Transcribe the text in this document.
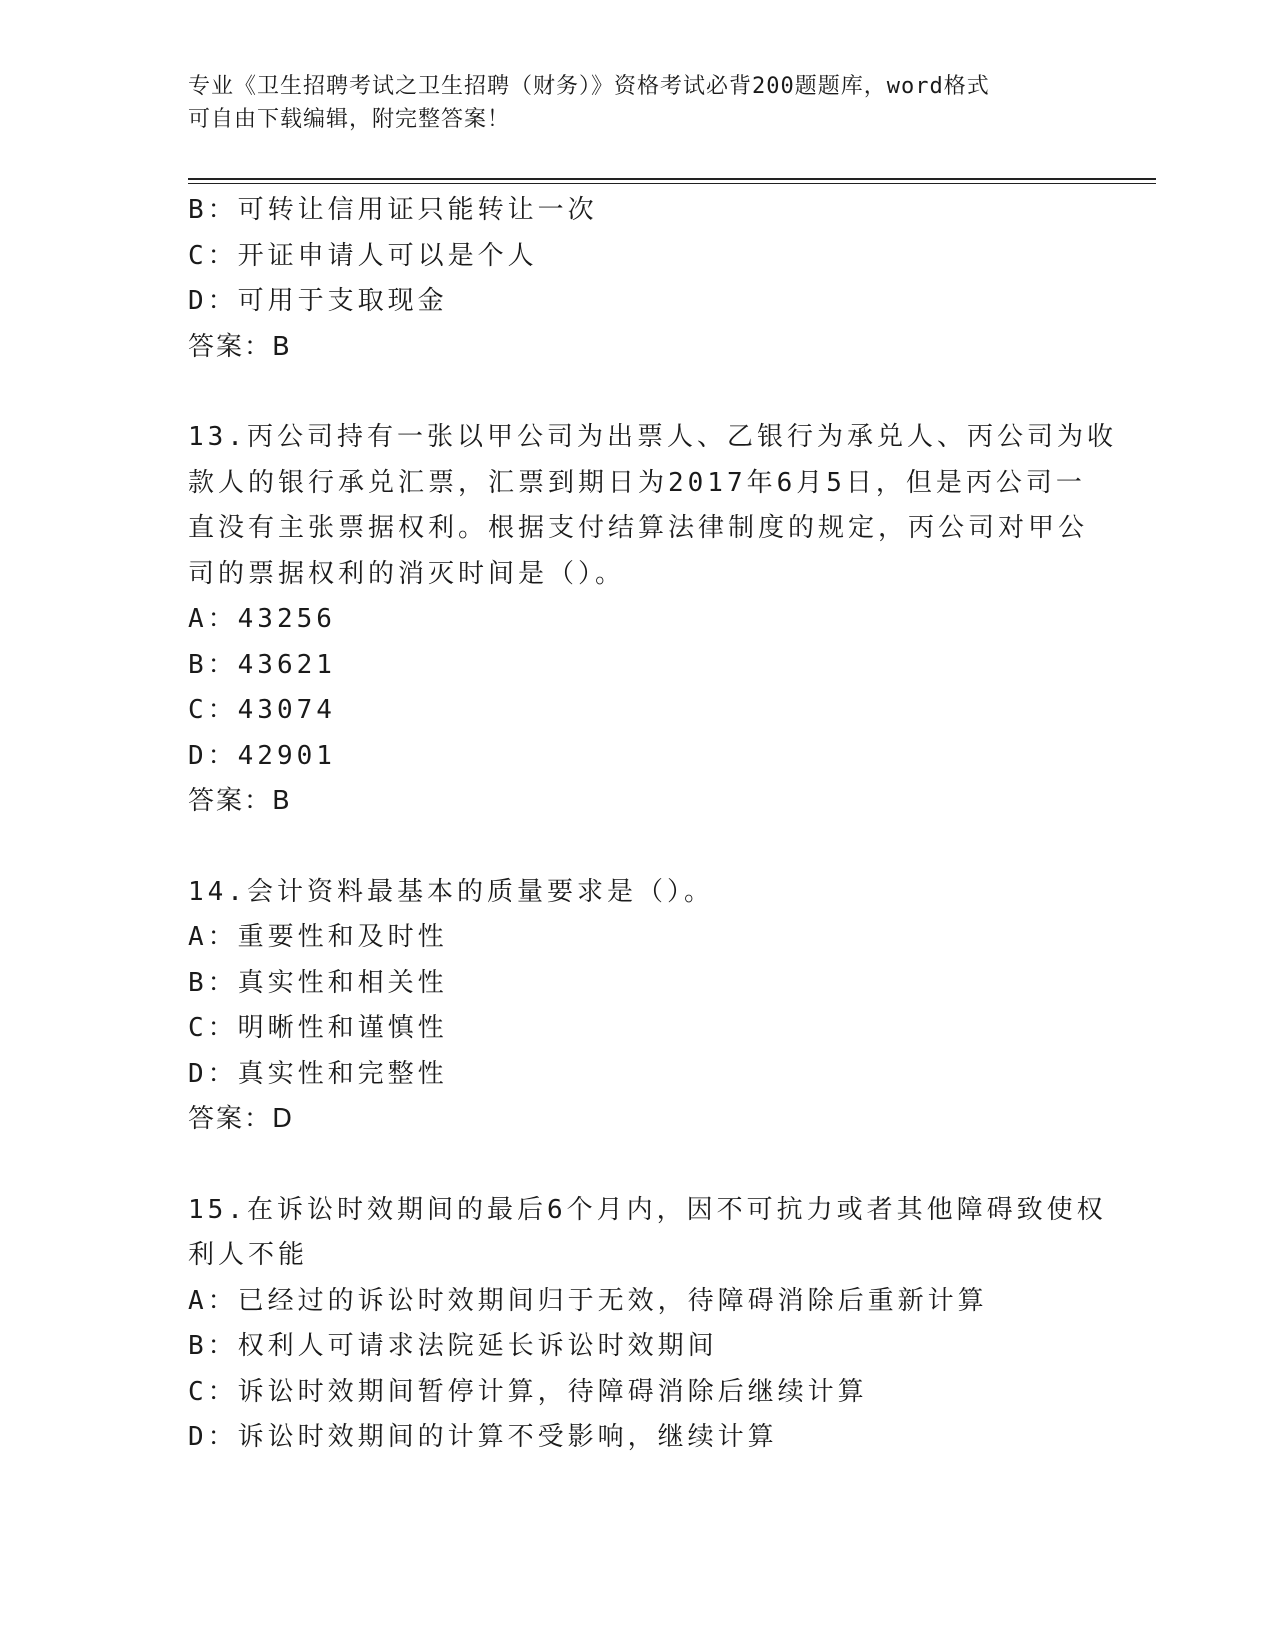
专业《卫生招聘考试之卫生招聘（财务）》资格考试必背200题题库，word格式
可自由下载编辑，附完整答案！
B：可转让信用证只能转让一次
C：开证申请人可以是个人
D：可用于支取现金
答案：B
13.丙公司持有一张以甲公司为出票人、乙银行为承兑人、丙公司为收
款人的银行承兑汇票，汇票到期日为2017年6月5日，但是丙公司一
直没有主张票据权利。根据支付结算法律制度的规定，丙公司对甲公
司的票据权利的消灭时间是（）。
A：43256
B：43621
C：43074
D：42901
答案：B
14.会计资料最基本的质量要求是（）。
A：重要性和及时性
B：真实性和相关性
C：明晰性和谨慎性
D：真实性和完整性
答案：D
15.在诉讼时效期间的最后6个月内，因不可抗力或者其他障碍致使权
利人不能
A：已经过的诉讼时效期间归于无效，待障碍消除后重新计算
B：权利人可请求法院延长诉讼时效期间
C：诉讼时效期间暂停计算，待障碍消除后继续计算
D：诉讼时效期间的计算不受影响，继续计算
